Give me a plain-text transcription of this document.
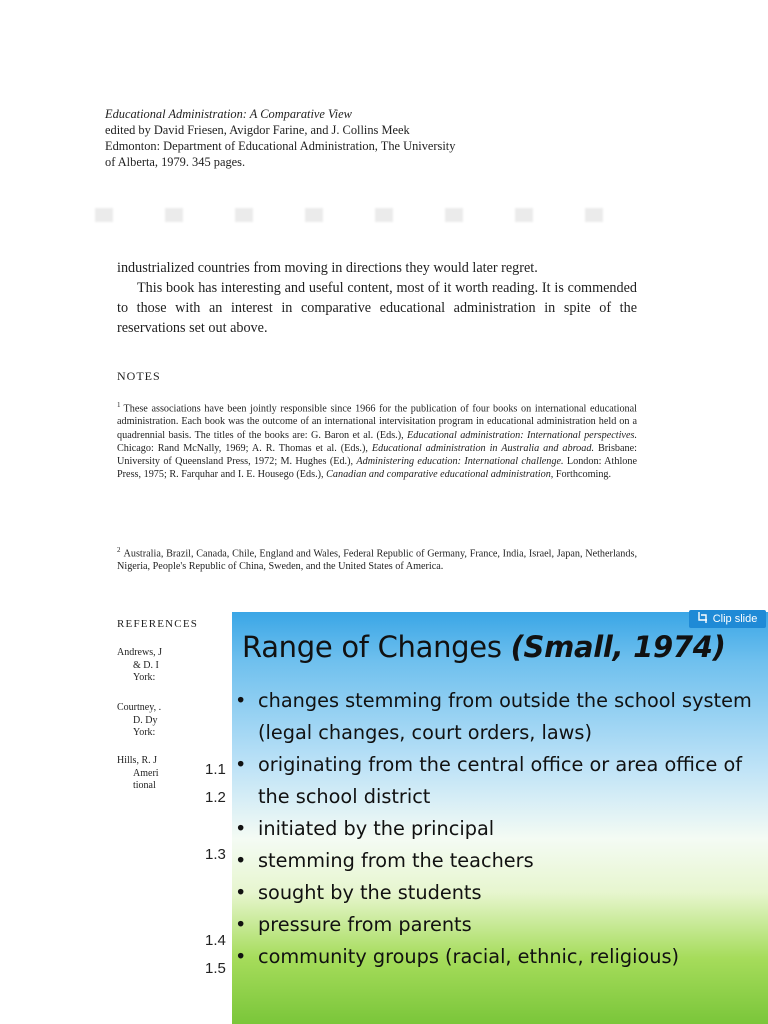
Educational Administration: A Comparative View
edited by David Friesen, Avigdor Farine, and J. Collins Meek
Edmonton: Department of Educational Administration, The University
of Alberta, 1979. 345 pages.

industrialized countries from moving in directions they would later regret.

This book has interesting and useful content, most of it worth reading. It is commended to those with an interest in comparative educational administration in spite of the reservations set out above.

NOTES
$^1$ These associations have been jointly responsible since 1966 for the publication of four books on international educational administration. Each book was the outcome of an international intervisitation program in educational administration held on a quadrennial basis. The titles of the books are: G. Baron et al. (Eds.), Educational administration: International perspectives. Chicago: Rand McNally, 1969; A. R. Thomas et al. (Eds.), Educational administration in Australia and abroad. Brisbane: University of Queensland Press, 1972; M. Hughes (Ed.), Administering education: International challenge. London: Athlone Press, 1975; R. Farquhar and I. E. Housego (Eds.), Canadian and comparative educational administration, Forthcoming.
$^2$ Australia, Brazil, Canada, Chile, England and Wales, Federal Republic of Germany, France, India, Israel, Japan, Netherlands, Nigeria, People's Republic of China, Sweden, and the United States of America.
REFERENCES
Andrews, J
& D. I
York:
Courtney, .
D. Dy
York:
Hills, R. J
Ameri
tional
1.1
1.2
1.3
1.4
1.5
Range of Changes (Small, 1974)
• changes stemming from outside the school system (legal changes, court orders, laws)
• originating from the central office or area office of the school district
• initiated by the principal
• stemming from the teachers
• sought by the students
• pressure from parents
• community groups (racial, ethnic, religious)
Clip slide
